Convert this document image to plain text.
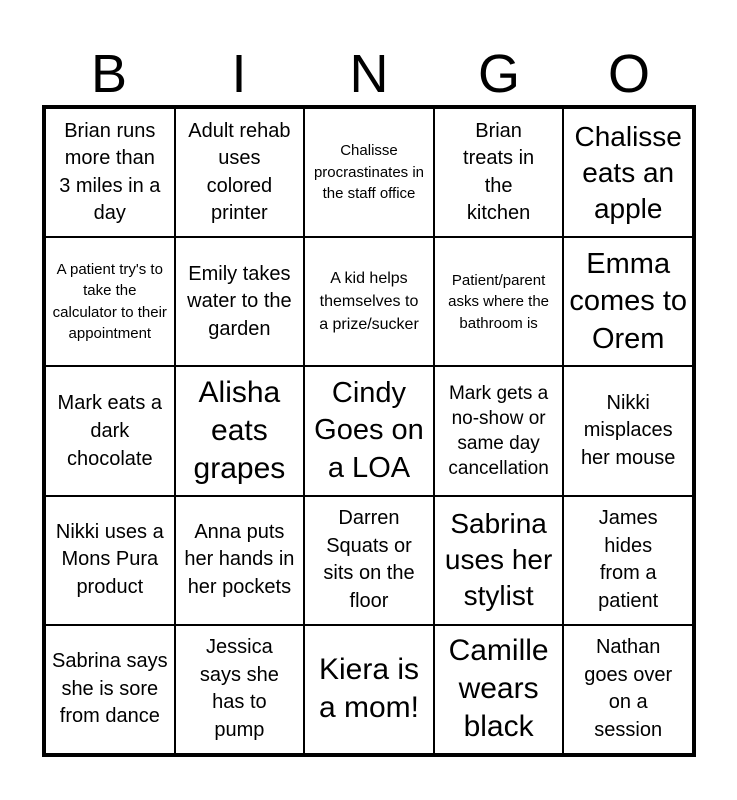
B	I	N	G	O
Brian runs more than 3 miles in a day
Adult rehab uses colored printer
Chalisse procrastinates in the staff office
Brian treats in the kitchen
Chalisse eats an apple
A patient try's to take the calculator to their appointment
Emily takes water to the garden
A kid helps themselves to a prize/sucker
Patient/parent asks where the bathroom is
Emma comes to Orem
Mark eats a dark chocolate
Alisha eats grapes
Cindy Goes on a LOA
Mark gets a no-show or same day cancellation
Nikki misplaces her mouse
Nikki uses a Mons Pura product
Anna puts her hands in her pockets
Darren Squats or sits on the floor
Sabrina uses her stylist
James hides from a patient
Sabrina says she is sore from dance
Jessica says she has to pump
Kiera is a mom!
Camille wears black
Nathan goes over on a session
